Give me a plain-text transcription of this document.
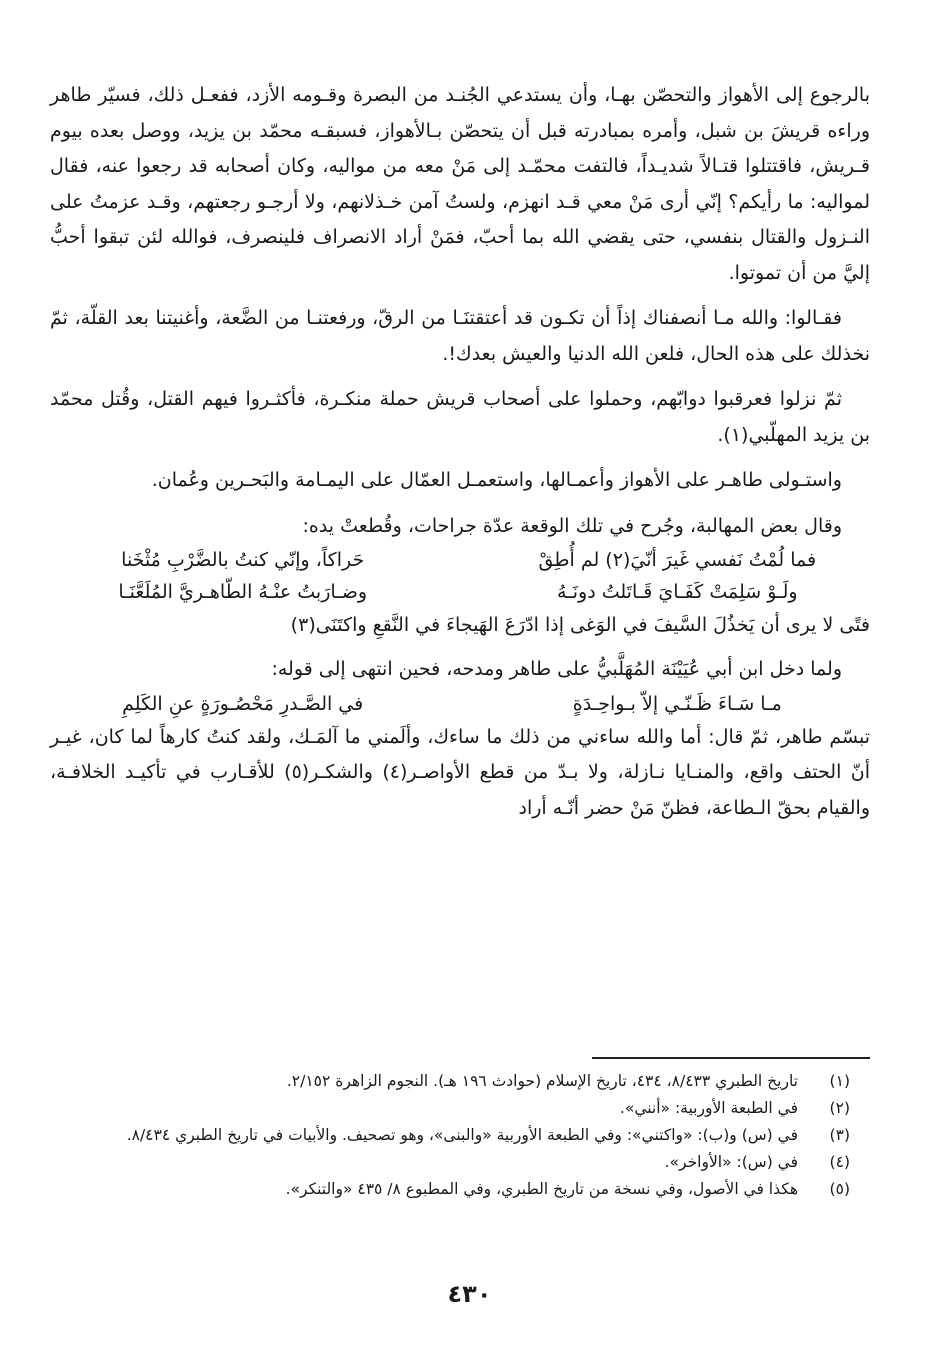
بالرجوع إلى الأهواز والتحصّن بهـا، وأن يستدعي الجُنـد من البصرة وقـومه الأزد، ففعـل ذلك، فسيّر طاهر وراءه قريشَ بن شبل، وأمره بمبادرته قبل أن يتحصّن بـالأهواز، فسبقـه محمّد بن يزيد، ووصل بعده بيوم قـريش، فاقتتلوا قتـالاً شديـداً، فالتفت محمّـد إلى مَنْ معه من مواليه، وكان أصحابه قد رجعوا عنه، فقال لمواليه: ما رأيكم؟ إنّي أرى مَنْ معي قـد انهزم، ولستُ آمن خـذلانهم، ولا أرجـو رجعتهم، وقـد عزمتُ على النـزول والقتال بنفسي، حتى يقضي الله بما أحبّ، فمَنْ أراد الانصراف فلينصرف، فوالله لئن تبقوا أحبُّ إليَّ من أن تموتوا.

فقـالوا: والله مـا أنصفناك إذاً أن تكـون قد أعتقتنَـا من الرقّ، ورفعتنـا من الضَّعة، وأغنيتنا بعد القلّة، ثمّ نخذلك على هذه الحال، فلعن الله الدنيا والعيش بعدك!.

ثمّ نزلوا فعرقبوا دوابّهم، وحملوا على أصحاب قريش حملة منكـرة، فأكثـروا فيهم القتل، وقُتل محمّد بن يزيد المهلّبي(١).

واستـولى طاهـر على الأهواز وأعمـالها، واستعمـل العمّال على اليمـامة والبَحـرين وعُمان.

وقال بعض المهالبة، وجُرح في تلك الوقعة عدّة جراحات، وقُطعتْ يده:

فما لُمْتُ نَفسي غَيرَ أنّيَ(٢) لم أُطِقْ
حَراكاً، وإنّي كنتُ بالضَّرْبِ مُثْخَنا
ولَـوْ سَلِمَتْ كَفَـايَ قَـاتَلتُ دونَـهُ
وضـارَبتُ عنْـهُ الطّاهـريَّ المُلَعَّنَـا
فتًى لا يرى أن يَخذُلَ السَّيفَ في الوَغى إذا ادّرَعَ الهَيجاءَ في النَّقعِ واكتَنَى(٣)

ولما دخل ابن أبي عُيَيْنَة المُهَلَّبيُّ على طاهر ومدحه، فحين انتهى إلى قوله:

مـا سَـاءَ ظَـنّـي إلاّ بـواحِـدَةٍ
في الصَّـدرِ مَحْصُـورَةٍ عنِ الكَلِمِ

تبسّم طاهر، ثمّ قال: أما والله ساءني من ذلك ما ساءك، وألَمني ما آلمَـك، ولقد كنتُ كارهاً لما كان، غيـر أنّ الحتف واقع، والمنـايا نـازلة، ولا بـدّ من قطع الأواصـر(٤) والشكـر(٥) للأقـارب في تأكيـد الخلافـة، والقيام بحقّ الـطاعة، فظنّ مَنْ حضر أنّـه أراد

(١)
تاريخ الطبري ٨/٤٣٣، ٤٣٤، تاريخ الإسلام (حوادث ١٩٦ هـ). النجوم الزاهرة ٢/١٥٢.
(٢)
في الطبعة الأوربية: «أنني».
(٣)
في (س) و(ب): «واكتني»: وفي الطبعة الأوربية «والبنى»، وهو تصحيف. والأبيات في تاريخ الطبري ٨/٤٣٤.
(٤)
في (س): «الأواخر».
(٥)
هكذا في الأصول، وفي نسخة من تاريخ الطبري، وفي المطبوع ٨/ ٤٣٥ «والتنكر».
٤٣٠
